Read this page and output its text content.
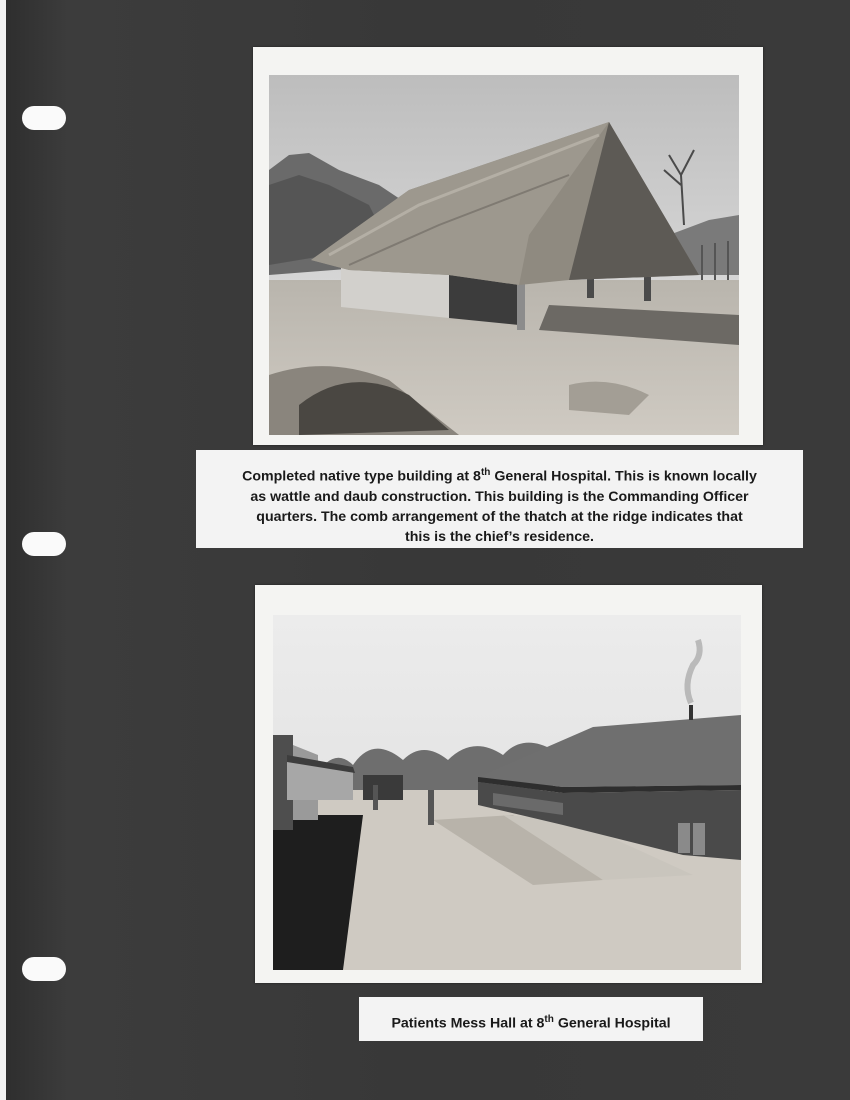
Completed native type building at 8th General Hospital. This is known locally
as wattle and daub construction. This building is the Commanding Officer
quarters. The comb arrangement of the thatch at the ridge indicates that
this is the chief’s residence.
Patients Mess Hall at 8th General Hospital
